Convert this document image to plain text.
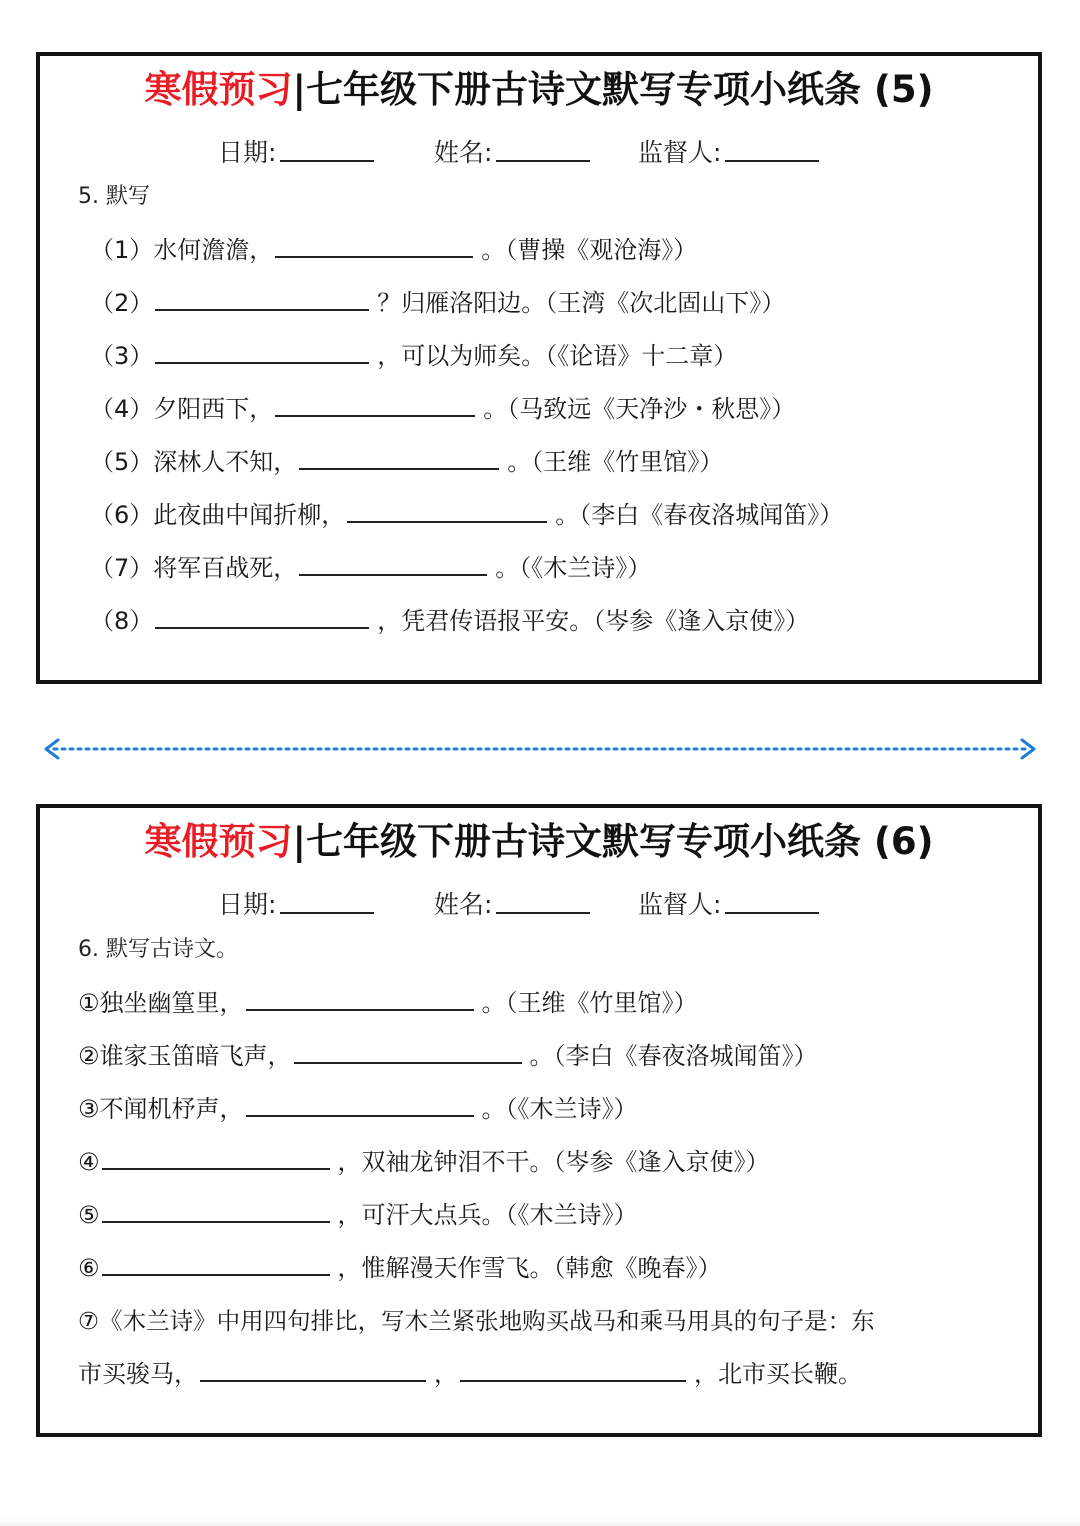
寒假预习|七年级下册古诗文默写专项小纸条 (5)
日期:	姓名:	监督人:
5. 默写
（1）水何澹澹，	。（曹操《观沧海》）
（2）	？归雁洛阳边。（王湾《次北固山下》）
（3）	，可以为师矣。（《论语》十二章）
（4）夕阳西下，	。（马致远《天净沙・秋思》）
（5）深林人不知，	。（王维《竹里馆》）
（6）此夜曲中闻折柳，	。（李白《春夜洛城闻笛》）
（7）将军百战死，	。（《木兰诗》）
（8）	，凭君传语报平安。（岑参《逢入京使》）
寒假预习|七年级下册古诗文默写专项小纸条 (6)
日期:	姓名:	监督人:
6. 默写古诗文。
①独坐幽篁里，	。（王维《竹里馆》）
②谁家玉笛暗飞声，	。（李白《春夜洛城闻笛》）
③不闻机杼声，	。（《木兰诗》）
④	，双袖龙钟泪不干。（岑参《逢入京使》）
⑤	，可汗大点兵。（《木兰诗》）
⑥	，惟解漫天作雪飞。（韩愈《晚春》）
⑦《木兰诗》中用四句排比，写木兰紧张地购买战马和乘马用具的句子是：东
市买骏马，	，	，北市买长鞭。
